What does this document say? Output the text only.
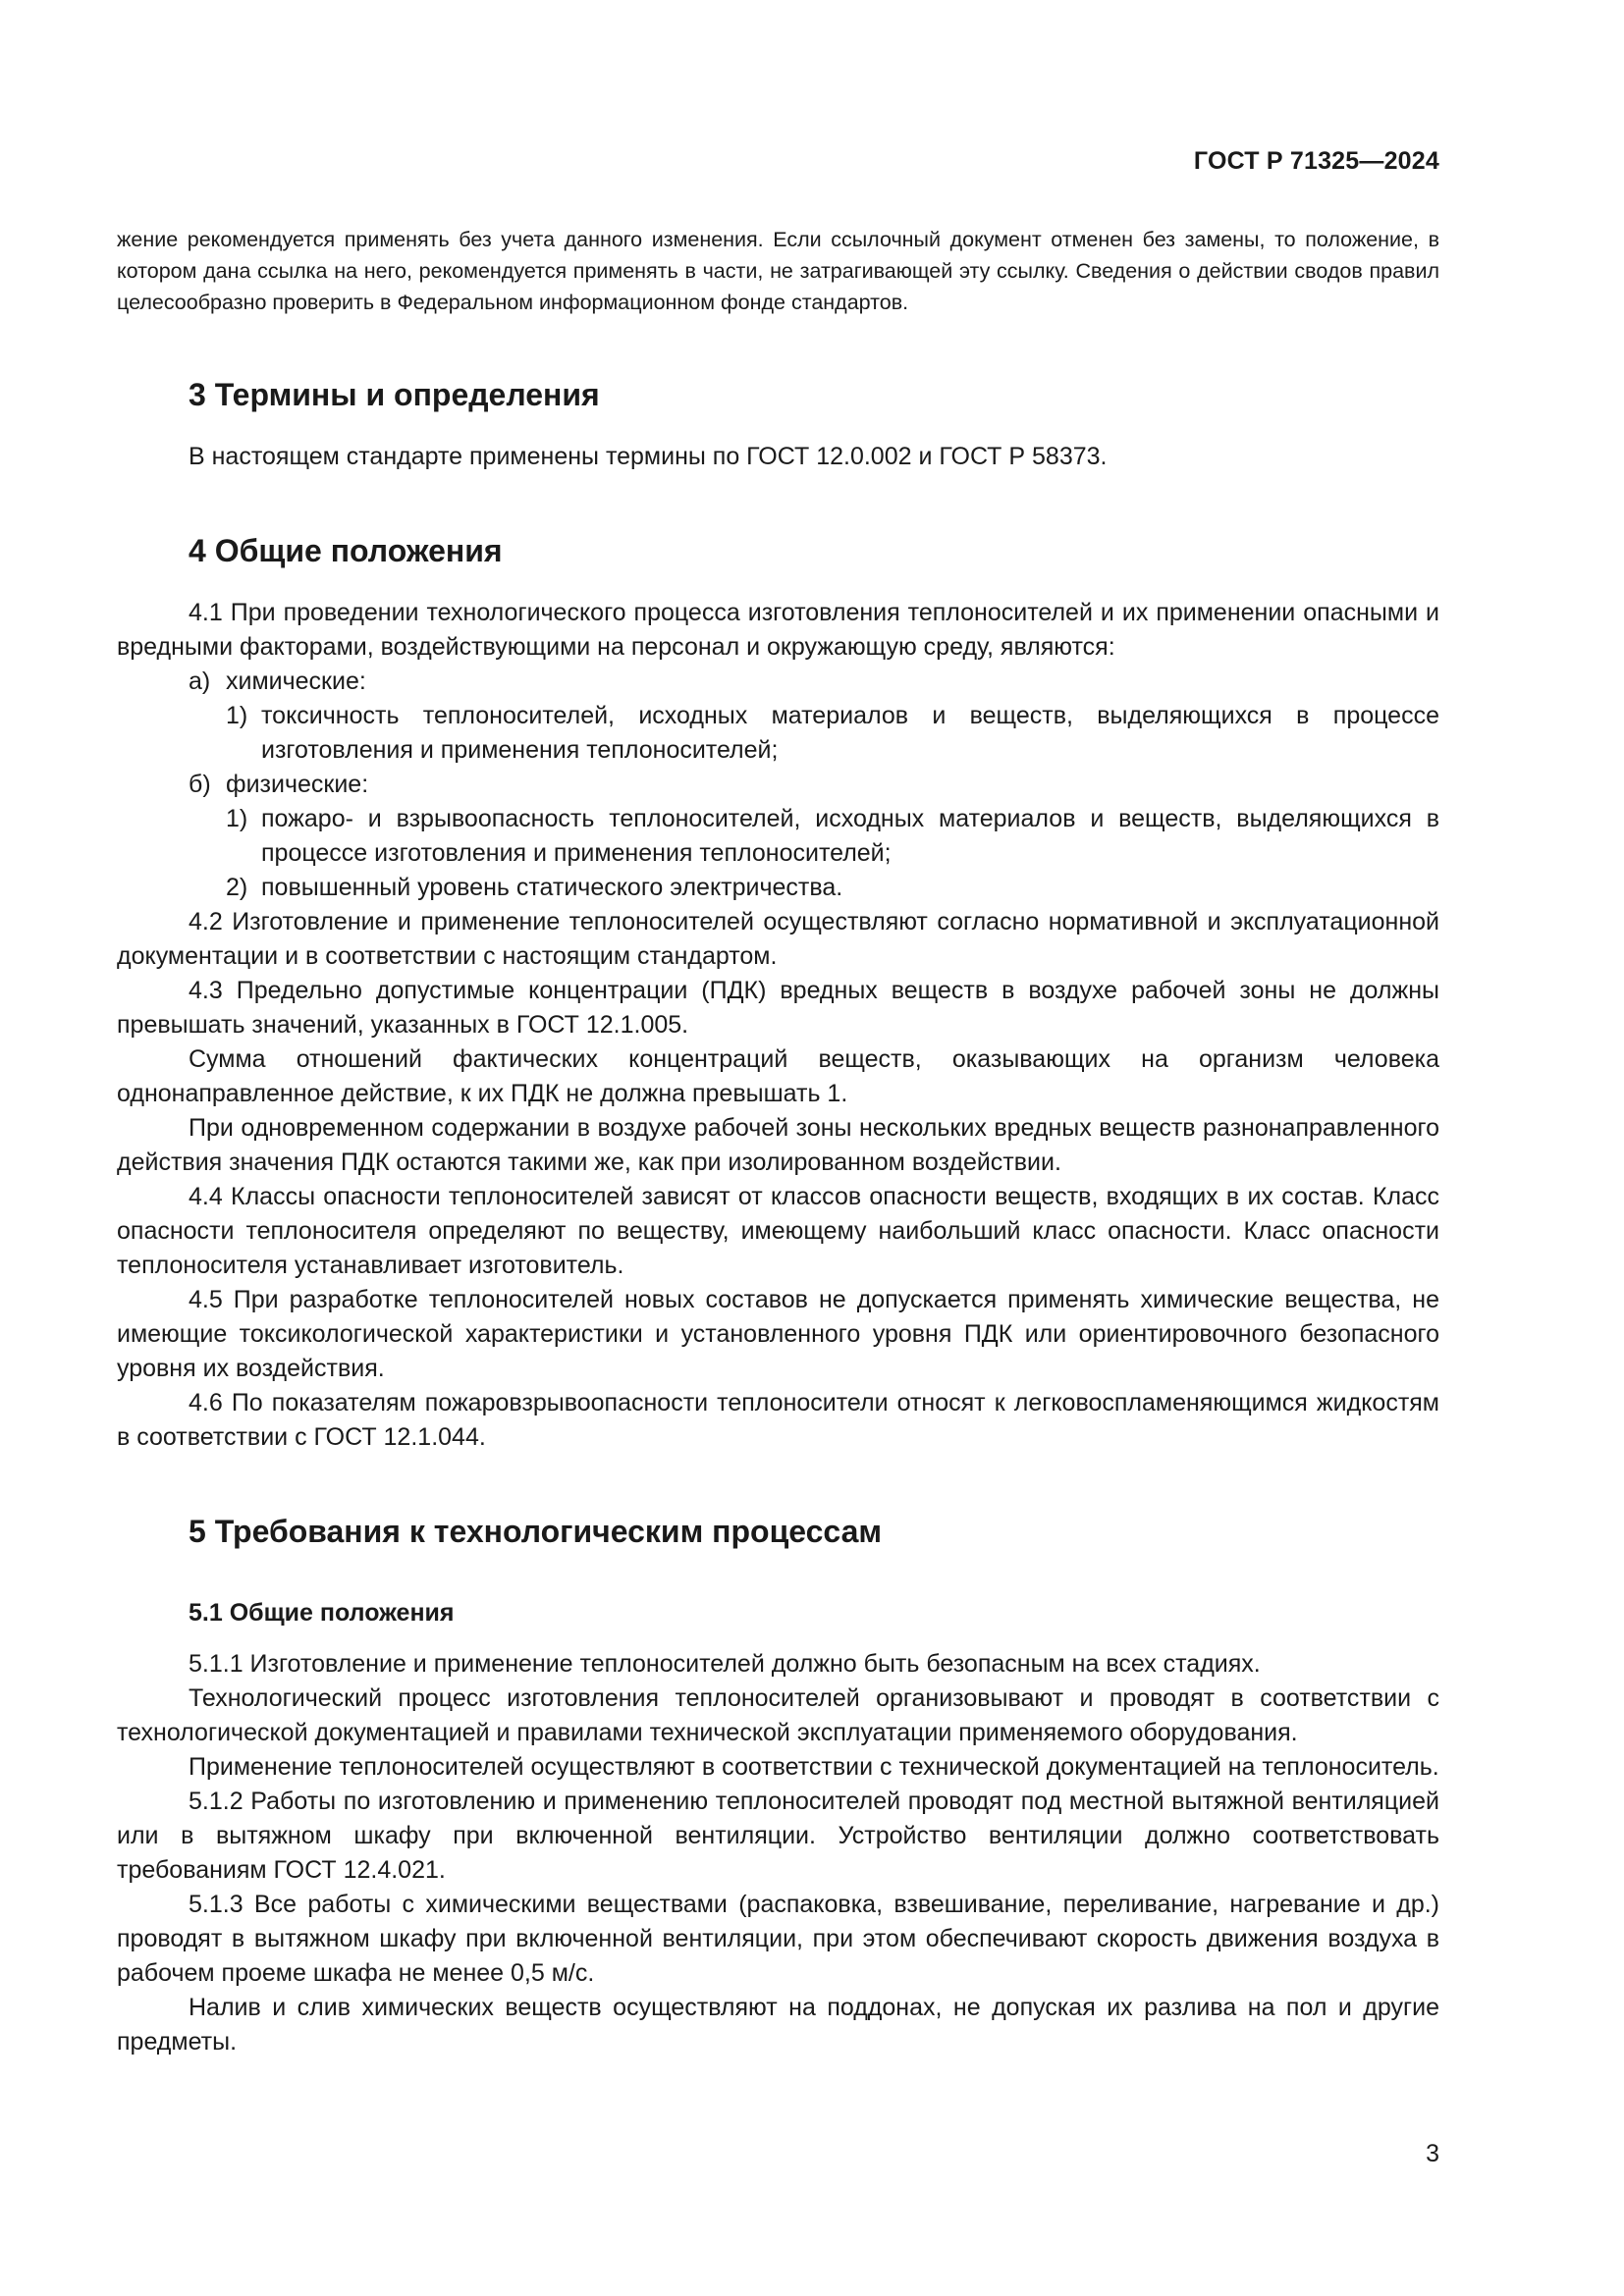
ГОСТ Р 71325—2024

жение рекомендуется применять без учета данного изменения. Если ссылочный документ отменен без замены, то положение, в котором дана ссылка на него, рекомендуется применять в части, не затрагивающей эту ссылку. Сведения о действии сводов правил целесообразно проверить в Федеральном информационном фонде стандартов.

3 Термины и определения

В настоящем стандарте применены термины по ГОСТ 12.0.002 и ГОСТ Р 58373.

4 Общие положения

4.1 При проведении технологического процесса изготовления теплоносителей и их применении опасными и вредными факторами, воздействующими на персонал и окружающую среду, являются:

а) химические:
1) токсичность теплоносителей, исходных материалов и веществ, выделяющихся в процессе изготовления и применения теплоносителей;
б) физические:
1) пожаро- и взрывоопасность теплоносителей, исходных материалов и веществ, выделяющихся в процессе изготовления и применения теплоносителей;
2) повышенный уровень статического электричества.

4.2 Изготовление и применение теплоносителей осуществляют согласно нормативной и эксплуатационной документации и в соответствии с настоящим стандартом.

4.3 Предельно допустимые концентрации (ПДК) вредных веществ в воздухе рабочей зоны не должны превышать значений, указанных в ГОСТ 12.1.005.

Сумма отношений фактических концентраций веществ, оказывающих на организм человека однонаправленное действие, к их ПДК не должна превышать 1.

При одновременном содержании в воздухе рабочей зоны нескольких вредных веществ разнонаправленного действия значения ПДК остаются такими же, как при изолированном воздействии.

4.4 Классы опасности теплоносителей зависят от классов опасности веществ, входящих в их состав. Класс опасности теплоносителя определяют по веществу, имеющему наибольший класс опасности. Класс опасности теплоносителя устанавливает изготовитель.

4.5 При разработке теплоносителей новых составов не допускается применять химические вещества, не имеющие токсикологической характеристики и установленного уровня ПДК или ориентировочного безопасного уровня их воздействия.

4.6 По показателям пожаровзрывоопасности теплоносители относят к легковоспламеняющимся жидкостям в соответствии с ГОСТ 12.1.044.

5 Требования к технологическим процессам
5.1 Общие положения

5.1.1 Изготовление и применение теплоносителей должно быть безопасным на всех стадиях.

Технологический процесс изготовления теплоносителей организовывают и проводят в соответствии с технологической документацией и правилами технической эксплуатации применяемого оборудования.

Применение теплоносителей осуществляют в соответствии с технической документацией на теплоноситель.

5.1.2 Работы по изготовлению и применению теплоносителей проводят под местной вытяжной вентиляцией или в вытяжном шкафу при включенной вентиляции. Устройство вентиляции должно соответствовать требованиям ГОСТ 12.4.021.

5.1.3 Все работы с химическими веществами (распаковка, взвешивание, переливание, нагревание и др.) проводят в вытяжном шкафу при включенной вентиляции, при этом обеспечивают скорость движения воздуха в рабочем проеме шкафа не менее 0,5 м/с.

Налив и слив химических веществ осуществляют на поддонах, не допуская их разлива на пол и другие предметы.

3
